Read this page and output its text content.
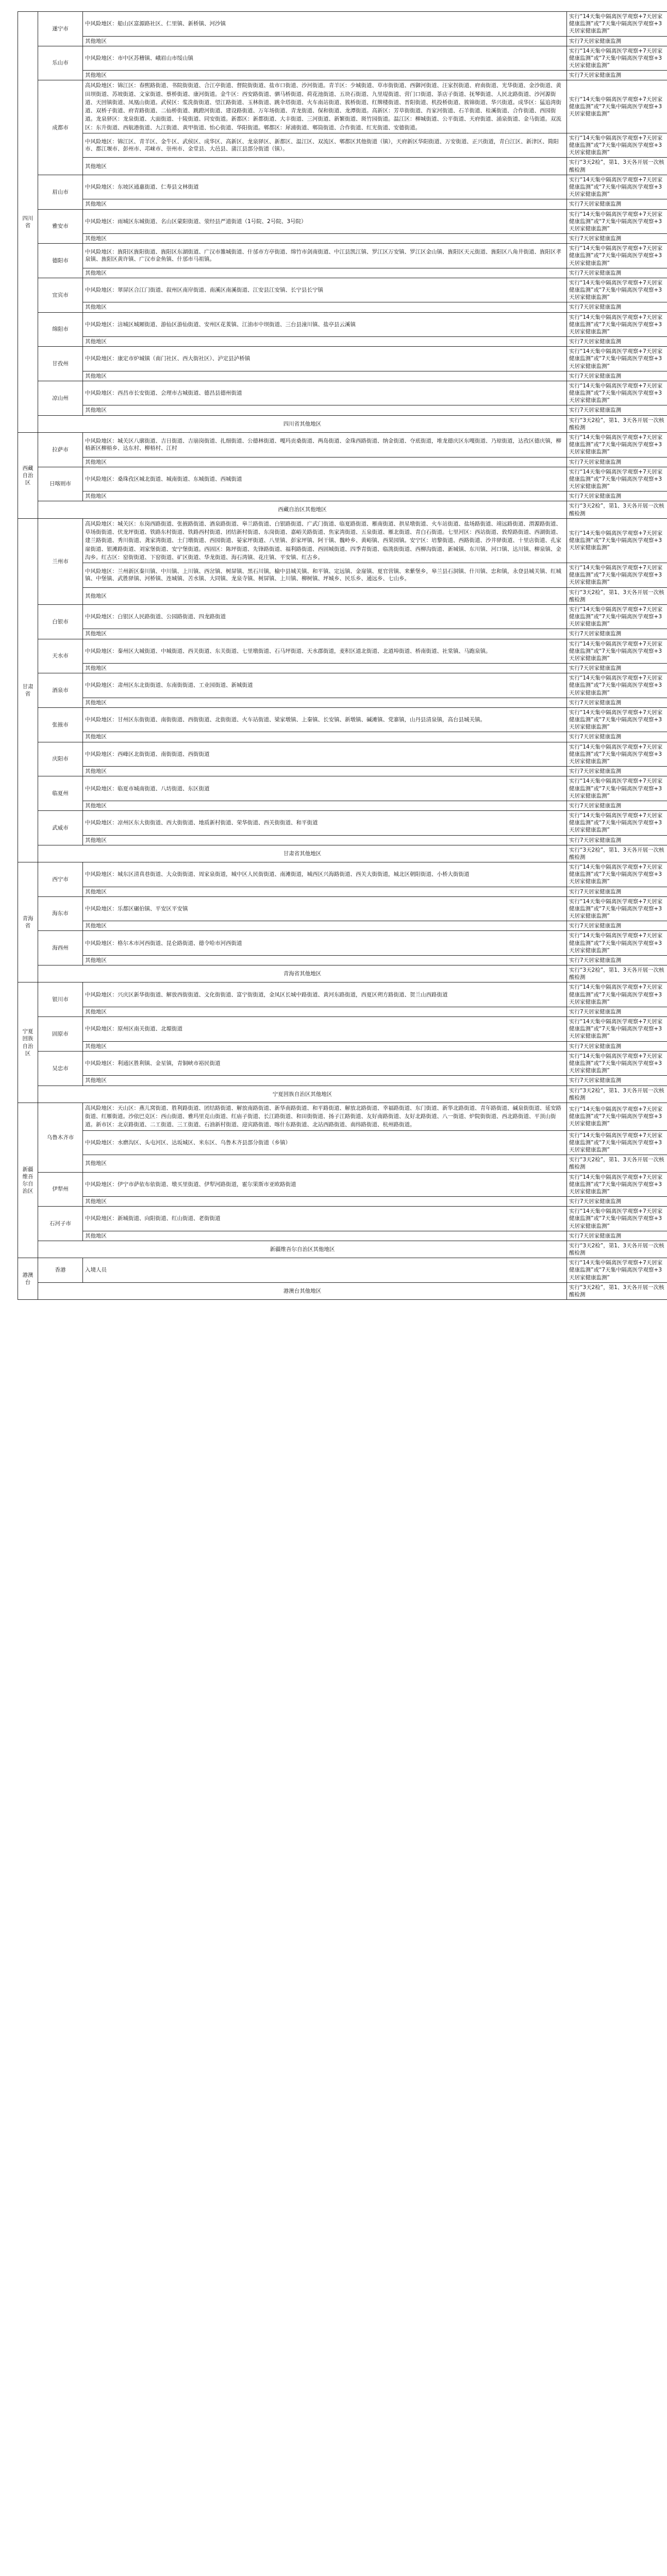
四川省	遂宁市	中风险地区：船山区富源路社区、仁里镇、新桥镇、河沙镇	实行“14天集中隔离医学观察+7天居家健康监测”或“7天集中隔离医学观察+3天居家健康监测”
		其他地区	实行7天居家健康监测
	乐山市	中风险地区：市中区苏稽镇、峨眉山市绥山镇	实行“14天集中隔离医学观察+7天居家健康监测”或“7天集中隔离医学观察+3天居家健康监测”
		其他地区	实行7天居家健康监测
	成都市	高风险地区：锦江区：春熙路街道、书院街街道、合江亭街道、督院街街道、盐市口街道、沙河街道。青羊区：少城街道、草市街街道、西御河街道、汪家拐街道、府南街道、光华街道、金沙街道、黄田坝街道、苏坡街道、文家街道、蔡桥街道、康河街道。金牛区：西安路街道、驷马桥街道、荷花池街道、五块石街道、九里堤街道、营门口街道、茶店子街道、抚琴街道、人民北路街道、沙河源街道、天回镇街道、凤凰山街道。武侯区：浆洗街街道、望江路街道、玉林街道、跳伞塔街道、火车南站街道、簇桥街道、红牌楼街道、晋阳街道、机投桥街道、簇锦街道、华兴街道。成华区：猛追湾街道、双桥子街道、府青路街道、二仙桥街道、跳蹬河街道、建设路街道、万年场街道、青龙街道、保和街道、龙潭街道。高新区：芳草街街道、肖家河街道、石羊街道、桂溪街道、合作街道、西园街道。龙泉驿区：龙泉街道、大面街道、十陵街道、同安街道。新都区：新都街道、大丰街道、三河街道、新繁街道、斑竹园街道。温江区：柳城街道、公平街道、天府街道、涌泉街道、金马街道。双流区：东升街道、西航港街道、九江街道、黄甲街道、怡心街道、华阳街道。郫都区：犀浦街道、郫筒街道、合作街道、红光街道、安德街道。	实行“14天集中隔离医学观察+7天居家健康监测”或“7天集中隔离医学观察+3天居家健康监测”
		中风险地区：锦江区、青羊区、金牛区、武侯区、成华区、高新区、龙泉驿区、新都区、温江区、双流区、郫都区其他街道（镇），天府新区华阳街道、万安街道、正兴街道，青白江区、新津区、简阳市、都江堰市、彭州市、邛崃市、崇州市、金堂县、大邑县、蒲江县部分街道（镇）。	实行“14天集中隔离医学观察+7天居家健康监测”或“7天集中隔离医学观察+3天居家健康监测”
		其他地区	实行“3天2检”，第1、3天各开展一次核酸检测
	眉山市	中风险地区：东坡区通惠街道、仁寿县文林街道	实行“14天集中隔离医学观察+7天居家健康监测”或“7天集中隔离医学观察+3天居家健康监测”
		其他地区	实行7天居家健康监测
	雅安市	中风险地区：雨城区东城街道、名山区蒙阳街道、荥经县严道街道（1号院、2号院、3号院）	实行“14天集中隔离医学观察+7天居家健康监测”或“7天集中隔离医学观察+3天居家健康监测”
		其他地区	实行7天居家健康监测
	德阳市	中风险地区：旌阳区旌阳街道、旌阳区东湖街道、广汉市雒城街道、什邡市方亭街道、绵竹市剑南街道、中江县凯江镇、罗江区万安镇、罗江区金山镇、旌阳区天元街道、旌阳区八角井街道、旌阳区孝泉镇、旌阳区黄许镇、广汉市金鱼镇、什邡市马祖镇。	实行“14天集中隔离医学观察+7天居家健康监测”或“7天集中隔离医学观察+3天居家健康监测”
		其他地区	实行7天居家健康监测
	宜宾市	中风险地区：翠屏区合江门街道、叙州区南岸街道、南溪区南溪街道、江安县江安镇、长宁县长宁镇	实行“14天集中隔离医学观察+7天居家健康监测”或“7天集中隔离医学观察+3天居家健康监测”
		其他地区	实行7天居家健康监测
	绵阳市	中风险地区：涪城区城厢街道、游仙区游仙街道、安州区花荄镇、江油市中坝街道、三台县潼川镇、盐亭县云溪镇	实行“14天集中隔离医学观察+7天居家健康监测”或“7天集中隔离医学观察+3天居家健康监测”
		其他地区	实行7天居家健康监测
	甘孜州	中风险地区：康定市炉城镇（南门社区、西大街社区）、泸定县泸桥镇	实行“14天集中隔离医学观察+7天居家健康监测”或“7天集中隔离医学观察+3天居家健康监测”
		其他地区	实行7天居家健康监测
	凉山州	中风险地区：西昌市长安街道、会理市古城街道、德昌县德州街道	实行“14天集中隔离医学观察+7天居家健康监测”或“7天集中隔离医学观察+3天居家健康监测”
		其他地区	实行7天居家健康监测
	四川省其他地区		实行“3天2检”，第1、3天各开展一次核酸检测
西藏自治区	拉萨市	中风险地区：城关区八廓街道、吉日街道、吉崩岗街道、扎细街道、公德林街道、嘎玛贡桑街道、两岛街道、金珠西路街道、纳金街道、夺底街道，堆龙德庆区东嘎街道、乃琼街道，达孜区德庆镇，柳梧新区柳梧乡、达东村、柳梧村、江村	实行“14天集中隔离医学观察+7天居家健康监测”或“7天集中隔离医学观察+3天居家健康监测”
		其他地区	实行7天居家健康监测
	日喀则市	中风险地区：桑珠孜区城北街道、城南街道、东城街道、西城街道	实行“14天集中隔离医学观察+7天居家健康监测”或“7天集中隔离医学观察+3天居家健康监测”
		其他地区	实行7天居家健康监测
	西藏自治区其他地区		实行“3天2检”，第1、3天各开展一次核酸检测
甘肃省	兰州市	高风险地区：城关区：东岗西路街道、张掖路街道、酒泉路街道、皋兰路街道、白银路街道、广武门街道、临夏路街道、雁南街道、拱星墩街道、火车站街道、盐场路街道、靖远路街道、渭源路街道、草场街街道、伏龙坪街道、铁路东村街道、铁路西村街道、团结新村街道、东岗街道、嘉峪关路街道、焦家湾街道、五泉街道、雁北街道、青白石街道。七里河区：西站街道、敦煌路街道、西湖街道、建兰路街道、秀川街道、龚家湾街道、土门墩街道、西园街道、晏家坪街道、八里镇、彭家坪镇、阿干镇、魏岭乡、黄峪镇、西果园镇。安宁区：培黎街道、西路街道、沙井驿街道、十里店街道、孔家崖街道、银滩路街道、刘家堡街道、安宁堡街道。西固区：陈坪街道、先锋路街道、福利路街道、西固城街道、四季青街道、临洮街街道、西柳沟街道、新城镇、东川镇、河口镇、达川镇、柳泉镇、金沟乡。红古区：窑街街道、下窑街道、矿区街道、华龙街道、海石湾镇、花庄镇、平安镇、红古乡。	实行“14天集中隔离医学观察+7天居家健康监测”或“7天集中隔离医学观察+3天居家健康监测”
		中风险地区：兰州新区秦川镇、中川镇、上川镇、西岔镇、树屏镇、黑石川镇，榆中县城关镇、和平镇、定远镇、金崖镇、夏官营镇、来紫堡乡，皋兰县石洞镇、什川镇、忠和镇，永登县城关镇、红城镇、中堡镇、武胜驿镇、河桥镇、连城镇、苦水镇、大同镇、龙泉寺镇、树屏镇、上川镇、柳树镇、坪城乡、民乐乡、通远乡、七山乡。	实行“14天集中隔离医学观察+7天居家健康监测”或“7天集中隔离医学观察+3天居家健康监测”
		其他地区	实行“3天2检”，第1、3天各开展一次核酸检测
	白银市	中风险地区：白银区人民路街道、公园路街道、四龙路街道	实行“14天集中隔离医学观察+7天居家健康监测”或“7天集中隔离医学观察+3天居家健康监测”
		其他地区	实行7天居家健康监测
	天水市	中风险地区：秦州区大城街道、中城街道、西关街道、东关街道、七里墩街道、石马坪街道、天水郡街道，麦积区道北街道、北道埠街道、桥南街道、社棠镇、马跑泉镇。	实行“14天集中隔离医学观察+7天居家健康监测”或“7天集中隔离医学观察+3天居家健康监测”
		其他地区	实行7天居家健康监测
	酒泉市	中风险地区：肃州区东北街街道、东南街街道、工业园街道、新城街道	实行“14天集中隔离医学观察+7天居家健康监测”或“7天集中隔离医学观察+3天居家健康监测”
		其他地区	实行7天居家健康监测
	张掖市	中风险地区：甘州区东街街道、南街街道、西街街道、北街街道、火车站街道、梁家墩镇、上秦镇、长安镇、新墩镇、碱滩镇、党寨镇，山丹县清泉镇，高台县城关镇。	实行“14天集中隔离医学观察+7天居家健康监测”或“7天集中隔离医学观察+3天居家健康监测”
		其他地区	实行7天居家健康监测
	庆阳市	中风险地区：西峰区北街街道、南街街道、西街街道	实行“14天集中隔离医学观察+7天居家健康监测”或“7天集中隔离医学观察+3天居家健康监测”
		其他地区	实行7天居家健康监测
	临夏州	中风险地区：临夏市城南街道、八坊街道、东区街道	实行“14天集中隔离医学观察+7天居家健康监测”或“7天集中隔离医学观察+3天居家健康监测”
		其他地区	实行7天居家健康监测
	武威市	中风险地区：凉州区东大街街道、西大街街道、地质新村街道、荣华街道、西关街街道、和平街道	实行“14天集中隔离医学观察+7天居家健康监测”或“7天集中隔离医学观察+3天居家健康监测”
		其他地区	实行7天居家健康监测
	甘肃省其他地区		实行“3天2检”，第1、3天各开展一次核酸检测
青海省	西宁市	中风险地区：城东区清真巷街道、大众街街道、周家泉街道，城中区人民街街道、南滩街道，城西区兴海路街道、西关大街街道，城北区朝阳街道、小桥大街街道	实行“14天集中隔离医学观察+7天居家健康监测”或“7天集中隔离医学观察+3天居家健康监测”
		其他地区	实行7天居家健康监测
	海东市	中风险地区：乐都区碾伯镇、平安区平安镇	实行“14天集中隔离医学观察+7天居家健康监测”或“7天集中隔离医学观察+3天居家健康监测”
		其他地区	实行7天居家健康监测
	海西州	中风险地区：格尔木市河西街道、昆仑路街道、德令哈市河西街道	实行“14天集中隔离医学观察+7天居家健康监测”或“7天集中隔离医学观察+3天居家健康监测”
		其他地区	实行7天居家健康监测
	青海省其他地区		实行“3天2检”，第1、3天各开展一次核酸检测
宁夏回族自治区	银川市	中风险地区：兴庆区新华街街道、解放西街街道、文化街街道、富宁街街道，金凤区长城中路街道、黄河东路街道，西夏区朔方路街道、贺兰山西路街道	实行“14天集中隔离医学观察+7天居家健康监测”或“7天集中隔离医学观察+3天居家健康监测”
		其他地区	实行7天居家健康监测
	固原市	中风险地区：原州区南关街道、北塬街道	实行“14天集中隔离医学观察+7天居家健康监测”或“7天集中隔离医学观察+3天居家健康监测”
		其他地区	实行7天居家健康监测
	吴忠市	中风险地区：利通区胜利镇、金星镇，青铜峡市裕民街道	实行“14天集中隔离医学观察+7天居家健康监测”或“7天集中隔离医学观察+3天居家健康监测”
		其他地区	实行7天居家健康监测
	宁夏回族自治区其他地区		实行“3天2检”，第1、3天各开展一次核酸检测
新疆维吾尔自治区	乌鲁木齐市	高风险地区：天山区：燕儿窝街道、胜利路街道、团结路街道、解放南路街道、新华南路街道、和平路街道、解放北路街道、幸福路街道、东门街道、新华北路街道、青年路街道、碱泉街街道、延安路街道、红雁街道。沙依巴克区：西山街道、雅玛里克山街道、红庙子街道、长江路街道、和田街街道、扬子江路街道、友好南路街道、友好北路街道、八一街道、炉院街街道、西北路街道、平顶山街道。新市区：北京路街道、二工街道、三工街道、石油新村街道、迎宾路街道、喀什东路街道、北站西路街道、南纬路街道、杭州路街道。	实行“14天集中隔离医学观察+7天居家健康监测”或“7天集中隔离医学观察+3天居家健康监测”
		中风险地区：水磨沟区、头屯河区、达坂城区、米东区、乌鲁木齐县部分街道（乡镇）	实行“14天集中隔离医学观察+7天居家健康监测”或“7天集中隔离医学观察+3天居家健康监测”
		其他地区	实行“3天2检”，第1、3天各开展一次核酸检测
	伊犁州	中风险地区：伊宁市萨依布依街道、墩买里街道、伊犁河路街道，霍尔果斯市亚欧路街道	实行“14天集中隔离医学观察+7天居家健康监测”或“7天集中隔离医学观察+3天居家健康监测”
		其他地区	实行7天居家健康监测
	石河子市	中风险地区：新城街道、向阳街道、红山街道、老街街道	实行“14天集中隔离医学观察+7天居家健康监测”或“7天集中隔离医学观察+3天居家健康监测”
		其他地区	实行7天居家健康监测
	新疆维吾尔自治区其他地区		实行“3天2检”，第1、3天各开展一次核酸检测
港澳台	香港	入境人员	实行“14天集中隔离医学观察+7天居家健康监测”或“7天集中隔离医学观察+3天居家健康监测”
	港澳台其他地区		实行“3天2检”，第1、3天各开展一次核酸检测
